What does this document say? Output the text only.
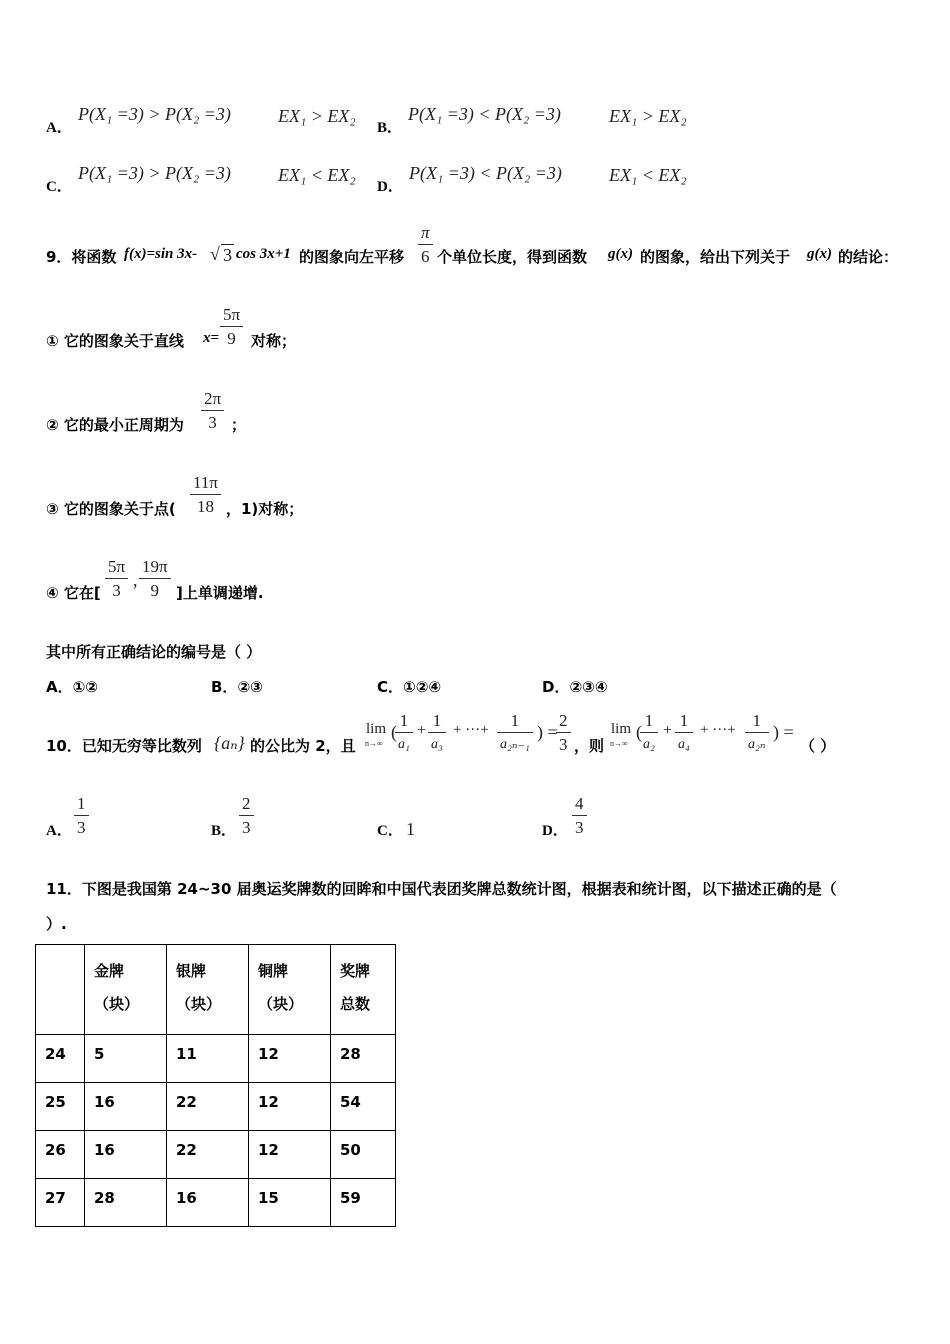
A．
P(X₁ =3) > P(X₂ =3)	EX₁ > EX₂
B．
P(X₁ =3) < P(X₂ =3)	EX₁ > EX₂
C．
P(X₁ =3) > P(X₂ =3)	EX₁ < EX₂
D．
P(X₁ =3) < P(X₂ =3)	EX₁ < EX₂
9．将函数 f(x)=sin 3x- √ 3 cos 3x+1 的图象向左平移
π
6 个单位长度，得到函数 g(x) 的图象，给出下列关于 g(x) 的结论：
① 它的图象关于直线 x=
5π
9 对称；
② 它的最小正周期为
2π
3 ；
③ 它的图象关于点(
11π
18 ，1)对称；
④ 它在[
5π
3
,
19π
9 ]上单调递增.
其中所有正确结论的编号是（ ）
A．①②	B．②③	C．①②④	D．②③④
10．已知无穷等比数列 {aₙ} 的公比为 2，且
lim
n→∞
(
1
a₁
+
1
a₃
+ ···+ 1
a₂ₙ₋₁
) =
2
3 ，则
lim
n→∞
(
1
a₂
+
1
a₄
+ ···+ 1
a₂ₙ
) =
（ ）
A．
1
3	B．
2
3	C． 1	D．
4
3
11．下图是我国第 24~30 届奥运奖牌数的回眸和中国代表团奖牌总数统计图，根据表和统计图，以下描述正确的是（
）.
	金牌
（块）	银牌
（块）	铜牌
（块）	奖牌
总数
24	5	11	12	28
25	16	22	12	54
26	16	22	12	50
27	28	16	15	59
